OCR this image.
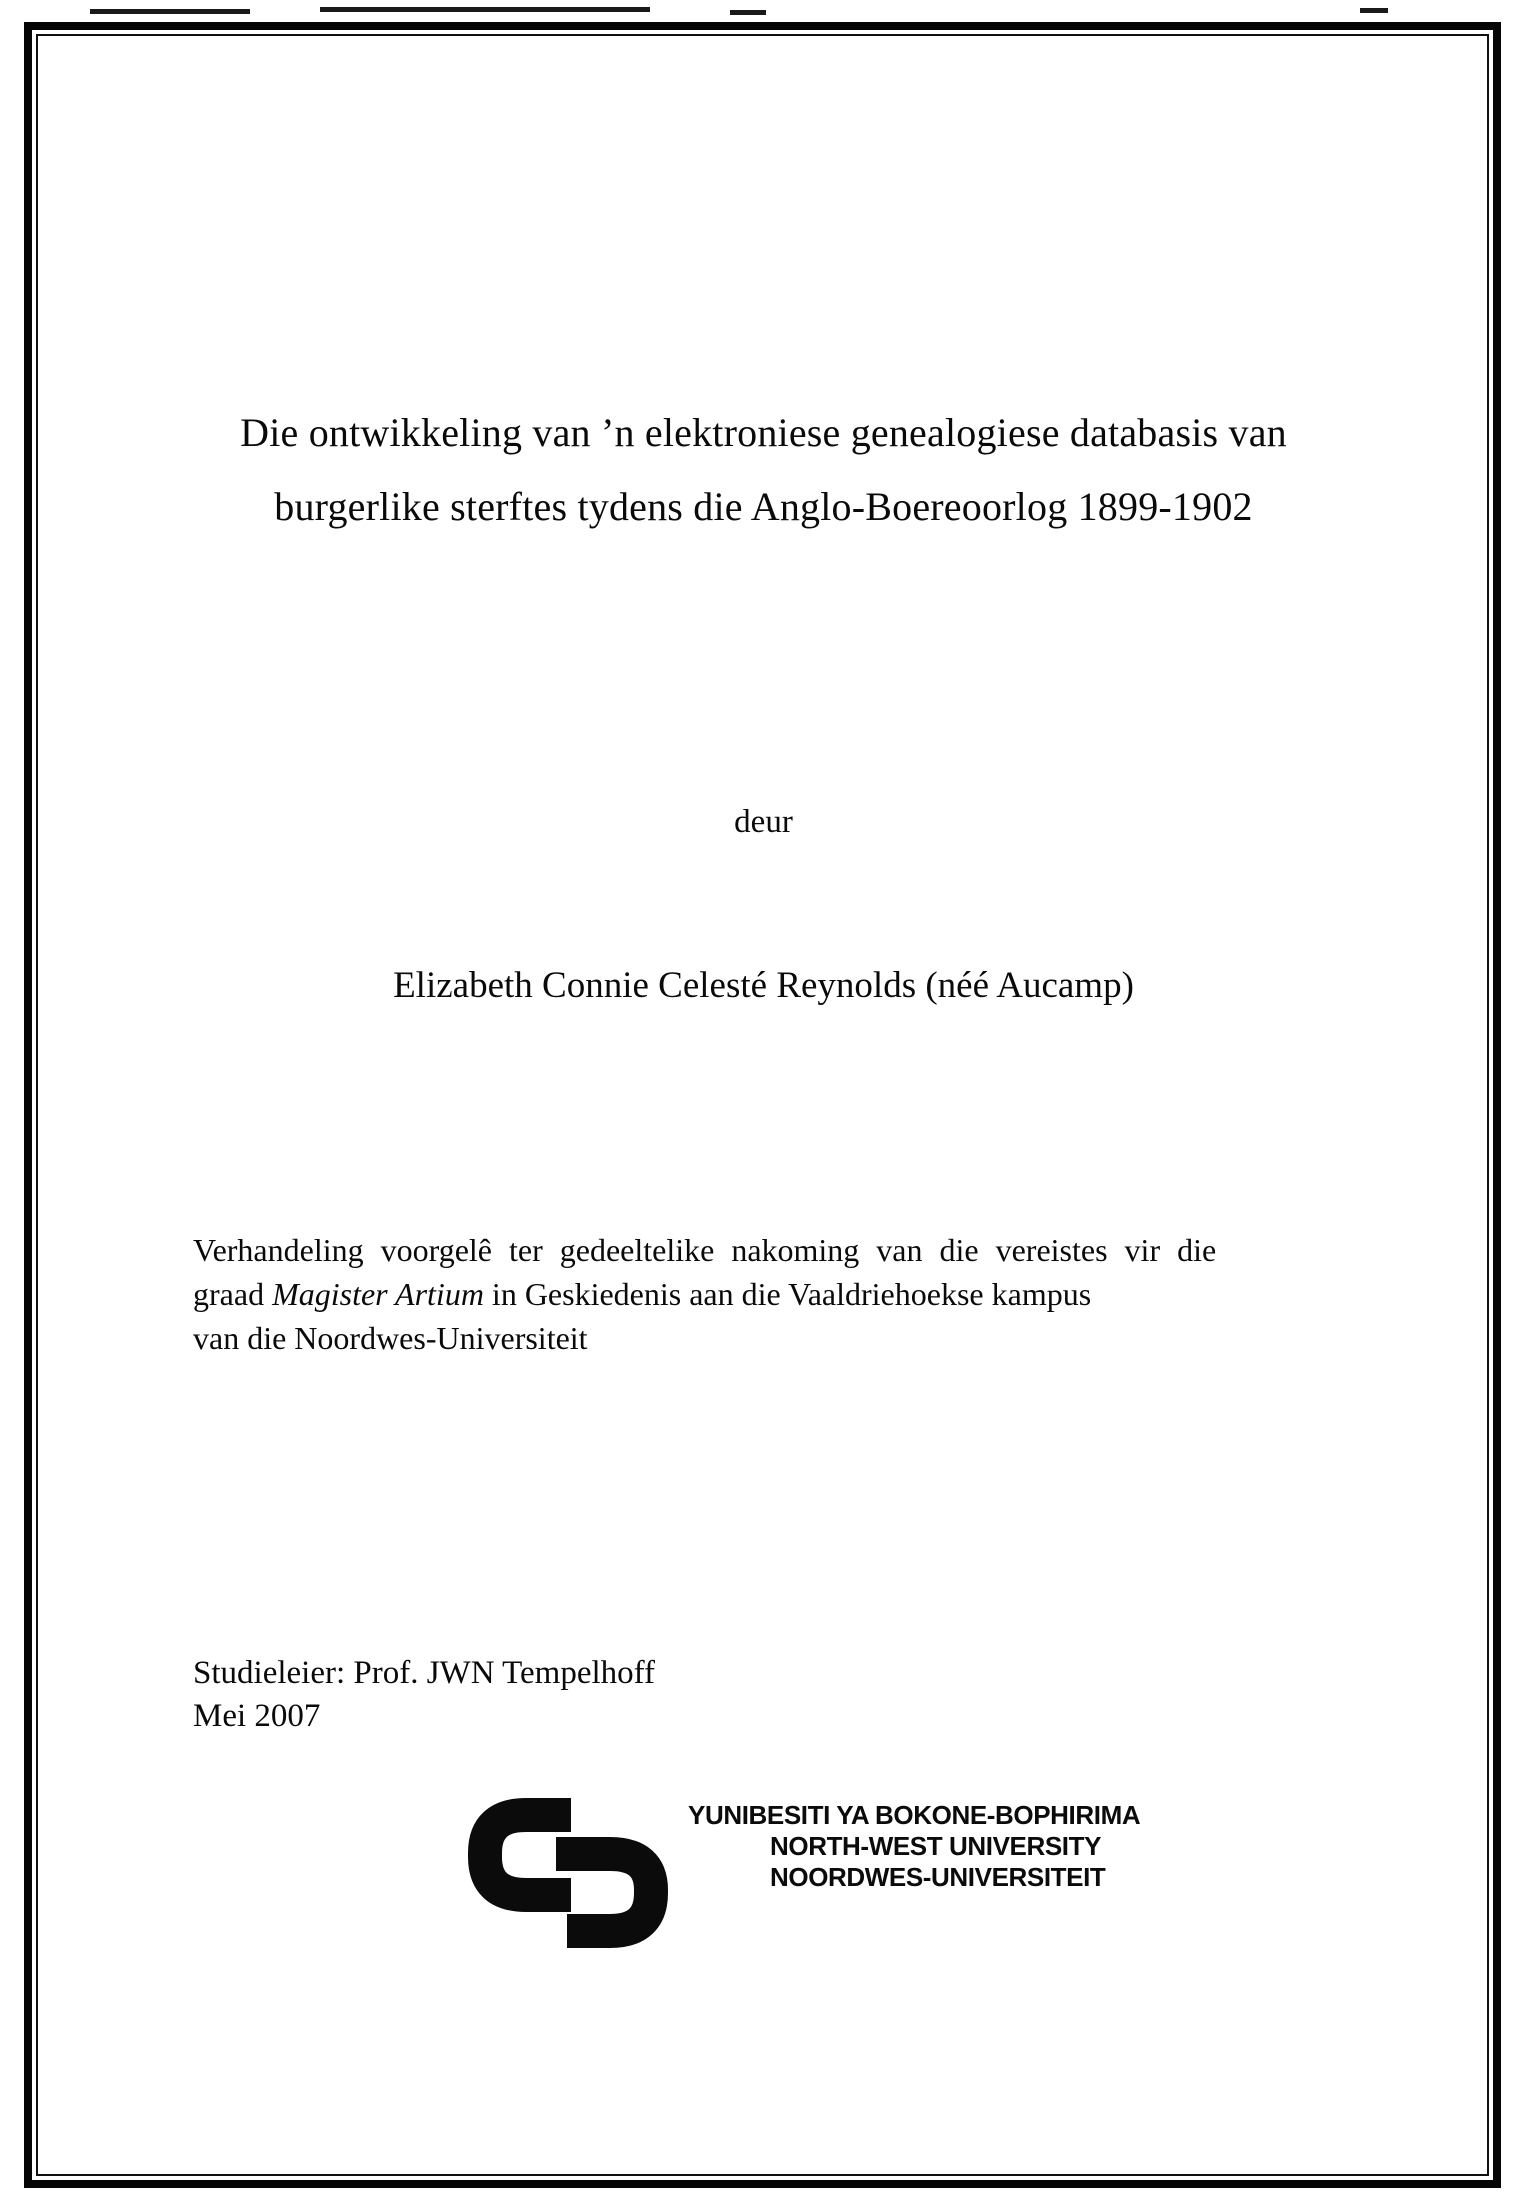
Die ontwikkeling van ’n elektroniese genealogiese databasis van
burgerlike sterftes tydens die Anglo-Boereoorlog 1899-1902
deur
Elizabeth Connie Celesté Reynolds (néé Aucamp)

Verhandeling voorgelê ter gedeeltelike nakoming van die vereistes vir die
graad Magister Artium in Geskiedenis aan die Vaaldriehoekse kampus
van die Noordwes-Universiteit

Studieleier: Prof. JWN Tempelhoff
Mei 2007
YUNIBESITI YA BOKONE-BOPHIRIMA
NORTH-WEST UNIVERSITY
NOORDWES-UNIVERSITEIT
